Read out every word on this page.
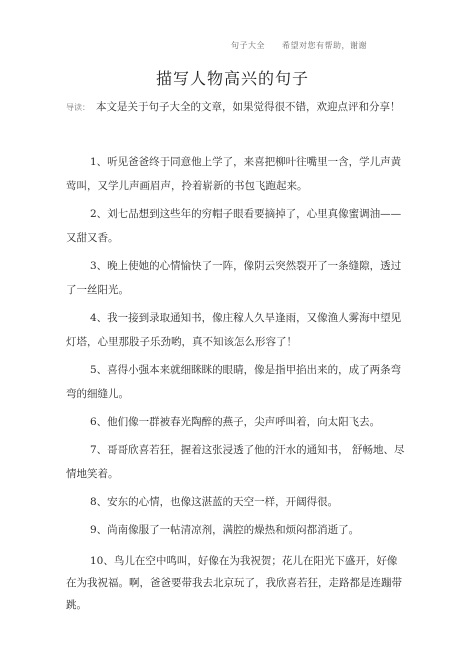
句子大全 希望对您有帮助，谢谢
描写人物高兴的句子
导读： 本文是关于句子大全的文章，如果觉得很不错，欢迎点评和分享！
1、听见爸爸终于同意他上学了，来喜把柳叶往嘴里一含，学儿声黄莺叫，又学儿声画眉声，拎着崭新的书包飞跑起来。
2、刘七品想到这些年的穷帽子眼看要摘掉了，心里真像蜜调油——又甜又香。
3、晚上使她的心情愉快了一阵，像阴云突然裂开了一条缝隙，透过了一丝阳光。
4、我一接到录取通知书，像庄稼人久旱逢雨，又像渔人雾海中望见灯塔，心里那股子乐劲哟，真不知该怎么形容了！
5、喜得小强本来就细眯眯的眼睛，像是指甲掐出来的，成了两条弯弯的细缝儿。
6、他们像一群被春光陶醉的燕子，尖声呼叫着，向太阳飞去。
7、哥哥欣喜若狂，握着这张浸透了他的汗水的通知书， 舒畅地、尽情地笑着。
8、安东的心情，也像这湛蓝的天空一样，开阔得很。
9、尚南像服了一帖清凉剂，满腔的燥热和烦闷都消逝了。
10、鸟儿在空中鸣叫，好像在为我祝贺；花儿在阳光下盛开，好像在为我祝福。啊，爸爸要带我去北京玩了，我欣喜若狂，走路都是连蹦带跳。
